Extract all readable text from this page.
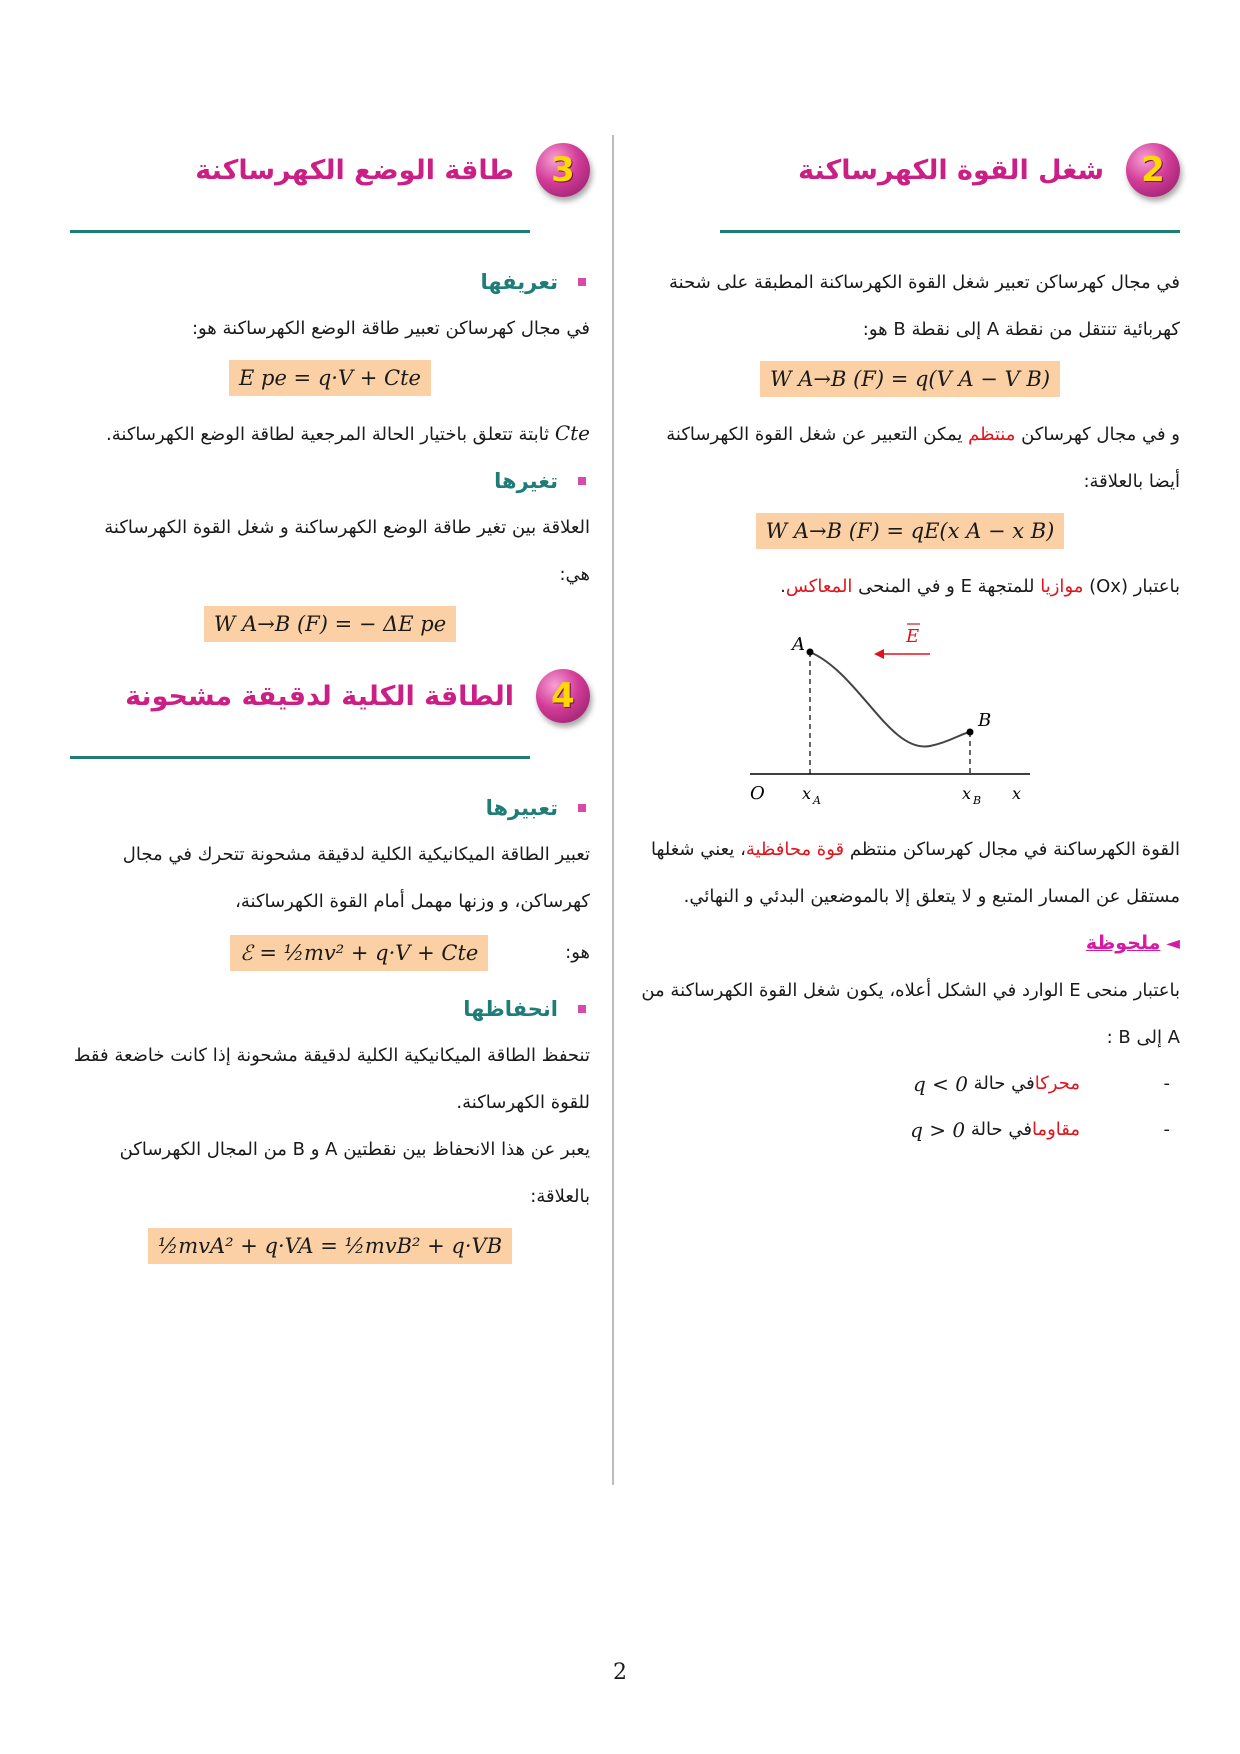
2
شغل القوة الكهرساكنة

في مجال كهرساكن تعبير شغل القوة الكهرساكنة المطبقة على شحنة كهربائية تنتقل من نقطة A إلى نقطة B هو:

W A→B (F) = q(V A − V B)

و في مجال كهرساكن منتظم يمكن التعبير عن شغل القوة الكهرساكنة أيضا بالعلاقة:

W A→B (F) = qE(x A − x B)

باعتبار (Ox) موازيا للمتجهة E و في المنحى المعاكس.

E
A
B
O x A	x B x

القوة الكهرساكنة في مجال كهرساكن منتظم قوة محافظية، يعني شغلها مستقل عن المسار المتبع و لا يتعلق إلا بالموضعين البدئي و النهائي.

◄ ملحوظة

باعتبار منحى E الوارد في الشكل أعلاه، يكون شغل القوة الكهرساكنة من A إلى B :

-
محركا
في حالة

q < 0
-
مقاوما
في حالة

q > 0
3
طاقة الوضع الكهرساكنة

تعريفها

في مجال كهرساكن تعبير طاقة الوضع الكهرساكنة هو:

E pe = q·V + Cte

Cte ثابتة تتعلق باختيار الحالة المرجعية لطاقة الوضع الكهرساكنة.

تغيرها

العلاقة بين تغير طاقة الوضع الكهرساكنة و شغل القوة الكهرساكنة هي:

W A→B (F) = − ΔE pe
4
الطاقة الكلية لدقيقة مشحونة

تعبيرها

تعبير الطاقة الميكانيكية الكلية لدقيقة مشحونة تتحرك في مجال كهرساكن، و وزنها مهمل أمام القوة الكهرساكنة،

هو:
ℰ = ½mv² + q·V + Cte

انحفاظها

تنحفظ الطاقة الميكانيكية الكلية لدقيقة مشحونة إذا كانت خاضعة فقط للقوة الكهرساكنة.

يعبر عن هذا الانحفاظ بين نقطتين A و B من المجال الكهرساكن بالعلاقة:

½mvA² + q·VA = ½mvB² + q·VB
2
